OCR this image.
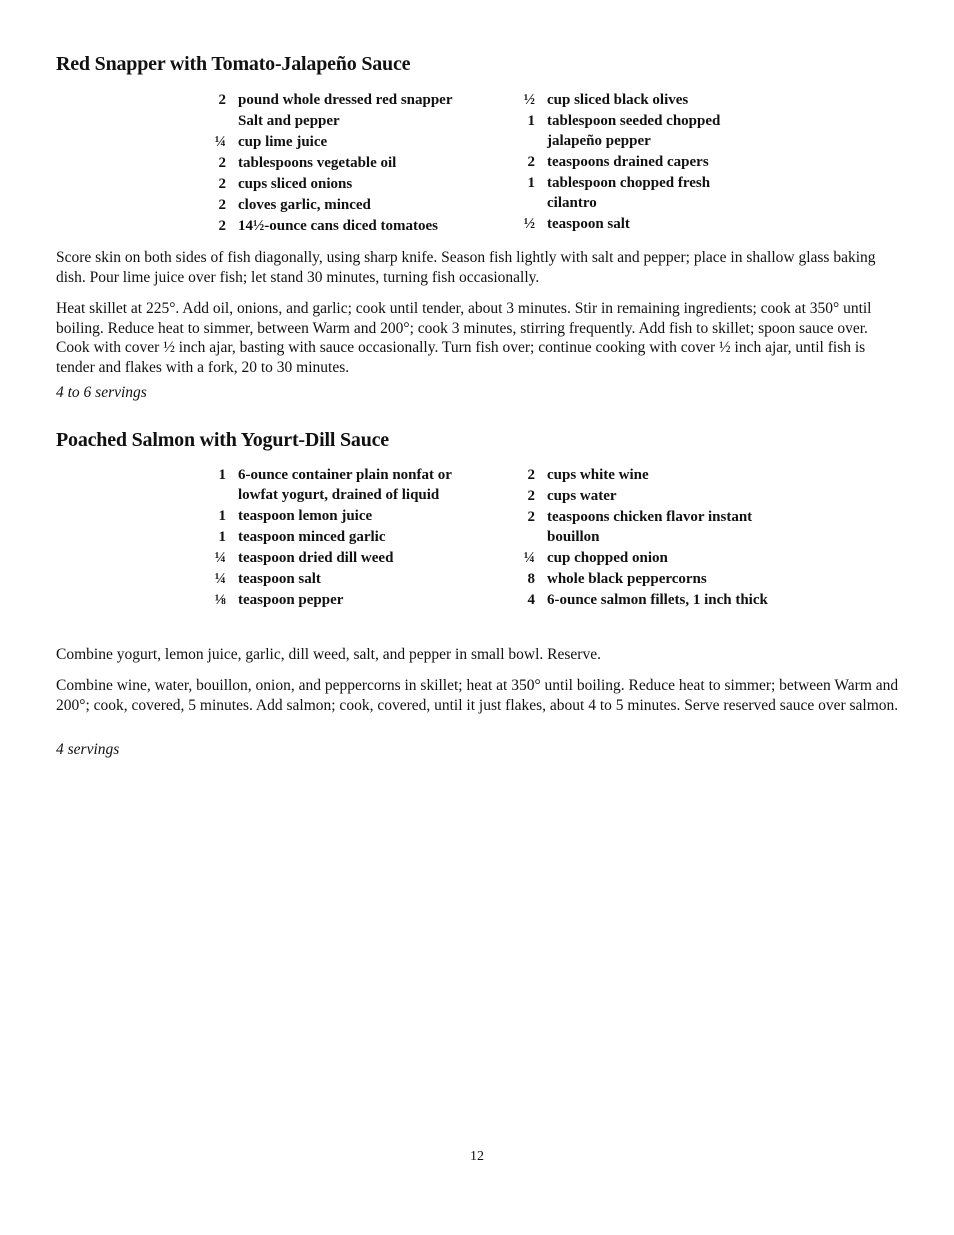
Red Snapper with Tomato-Jalapeño Sauce
2 pound whole dressed red snapper
Salt and pepper
¼ cup lime juice
2 tablespoons vegetable oil
2 cups sliced onions
2 cloves garlic, minced
2 14½-ounce cans diced tomatoes
½ cup sliced black olives
1 tablespoon seeded chopped jalapeño pepper
2 teaspoons drained capers
1 tablespoon chopped fresh cilantro
½ teaspoon salt

Score skin on both sides of fish diagonally, using sharp knife. Season fish lightly with salt and pepper; place in shallow glass baking dish. Pour lime juice over fish; let stand 30 minutes, turning fish occasionally.

Heat skillet at 225°. Add oil, onions, and garlic; cook until tender, about 3 minutes. Stir in remaining ingredients; cook at 350° until boiling. Reduce heat to simmer, between Warm and 200°; cook 3 minutes, stirring frequently. Add fish to skillet; spoon sauce over. Cook with cover ½ inch ajar, basting with sauce occasionally. Turn fish over; continue cooking with cover ½ inch ajar, until fish is tender and flakes with a fork, 20 to 30 minutes.

4 to 6 servings

Poached Salmon with Yogurt-Dill Sauce
1 6-ounce container plain nonfat or lowfat yogurt, drained of liquid
1 teaspoon lemon juice
1 teaspoon minced garlic
¼ teaspoon dried dill weed
¼ teaspoon salt
⅛ teaspoon pepper
2 cups white wine
2 cups water
2 teaspoons chicken flavor instant bouillon
¼ cup chopped onion
8 whole black peppercorns
4 6-ounce salmon fillets, 1 inch thick

Combine yogurt, lemon juice, garlic, dill weed, salt, and pepper in small bowl. Reserve.

Combine wine, water, bouillon, onion, and peppercorns in skillet; heat at 350° until boiling. Reduce heat to simmer; between Warm and 200°; cook, covered, 5 minutes. Add salmon; cook, covered, until it just flakes, about 4 to 5 minutes. Serve reserved sauce over salmon.

4 servings

12
